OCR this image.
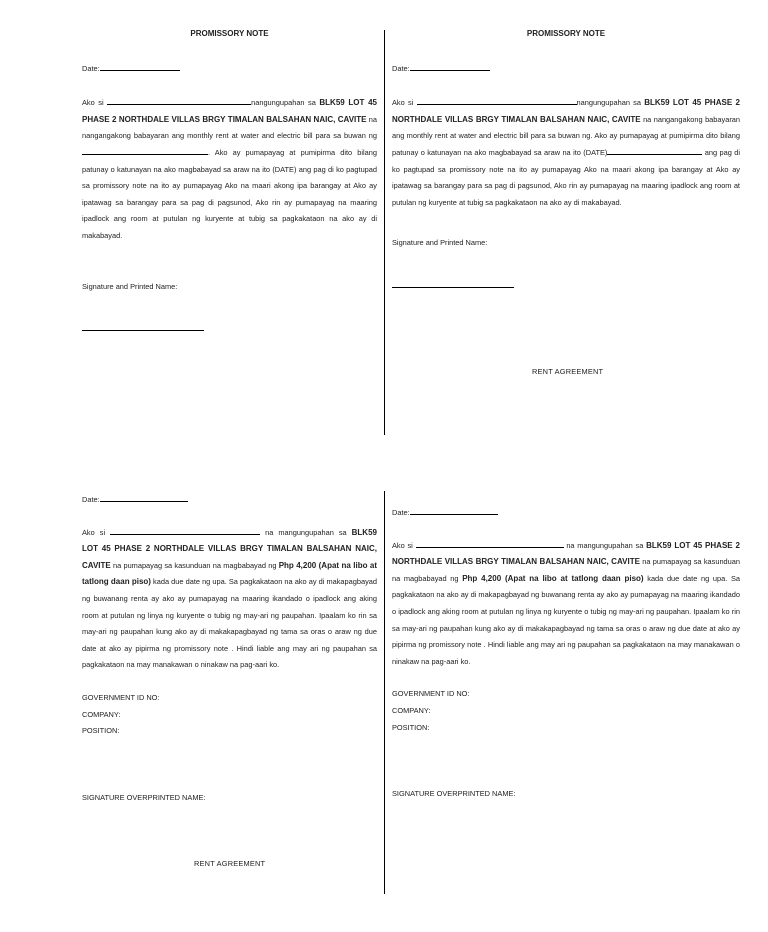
PROMISSORY NOTE
Date:
Ako si	nangungupahan sa BLK59 LOT 45 PHASE 2 NORTHDALE VILLAS BRGY TIMALAN BALSAHAN NAIC, CAVITE na nangangakong babayaran ang monthly rent at water and electric bill para sa buwan ng. Ako ay pumapayag at pumipirma dito bilang patunay o katunayan na ako magbabayad sa araw na ito (DATE) ang pag di ko pagtupad sa promissory note na ito ay pumapayag Ako na maari akong ipa barangay at Ako ay ipatawag sa barangay para sa pag di pagsunod, Ako rin ay pumapayag na maaring ipadlock ang room at putulan ng kuryente at tubig sa pagkakataon na ako ay di makabayad.
Signature and Printed Name:
PROMISSORY NOTE
Date:
Ako si	nangungupahan sa BLK59 LOT 45 PHASE 2 NORTHDALE VILLAS BRGY TIMALAN BALSAHAN NAIC, CAVITE na nangangakong babayaran ang monthly rent at water and electric bill para sa buwan ng. Ako ay pumapayag at pumipirma dito bilang patunay o katunayan na ako magbabayad sa araw na ito (DATE)	ang pag di ko pagtupad sa promissory note na ito ay pumapayag Ako na maari akong ipa barangay at Ako ay ipatawag sa barangay para sa pag di pagsunod, Ako rin ay pumapayag na maaring ipadlock ang room at putulan ng kuryente at tubig sa pagkakataon na ako ay di makabayad.
Signature and Printed Name:
RENT AGREEMENT
Date:
Ako si	na mangungupahan sa BLK59 LOT 45 PHASE 2 NORTHDALE VILLAS BRGY TIMALAN BALSAHAN NAIC, CAVITE na pumapayag sa kasunduan na magbabayad ng Php 4,200 (Apat na libo at tatlong daan piso) kada due date ng upa. Sa pagkakataon na ako ay di makapagbayad ng buwanang renta ay ako ay pumapayag na maaring ikandado o ipadlock ang aking room at putulan ng linya ng kuryente o tubig ng may-ari ng paupahan. Ipaalam ko rin sa may-ari ng paupahan kung ako ay di makakapagbayad ng tama sa oras o araw ng due date at ako ay pipirma ng promissory note . Hindi liable ang may ari ng paupahan sa pagkakataon na may manakawan o ninakaw na pag-aari ko.
GOVERNMENT ID NO:
COMPANY:
POSITION:
SIGNATURE OVERPRINTED NAME:
RENT AGREEMENT
Date:
Ako si	na mangungupahan sa BLK59 LOT 45 PHASE 2 NORTHDALE VILLAS BRGY TIMALAN BALSAHAN NAIC, CAVITE na pumapayag sa kasunduan na magbabayad ng Php 4,200 (Apat na libo at tatlong daan piso) kada due date ng upa. Sa pagkakataon na ako ay di makapagbayad ng buwanang renta ay ako ay pumapayag na maaring ikandado o ipadlock ang aking room at putulan ng linya ng kuryente o tubig ng may-ari ng paupahan. Ipaalam ko rin sa may-ari ng paupahan kung ako ay di makakapagbayad ng tama sa oras o araw ng due date at ako ay pipirma ng promissory note . Hindi liable ang may ari ng paupahan sa pagkakataon na may manakawan o ninakaw na pag-aari ko.
GOVERNMENT ID NO:
COMPANY:
POSITION:
SIGNATURE OVERPRINTED NAME:
